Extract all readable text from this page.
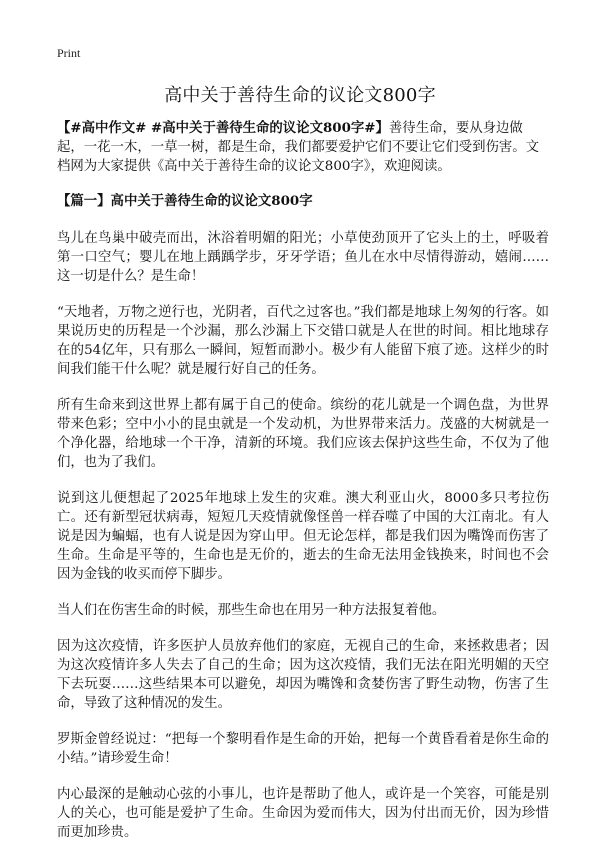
Print
高中关于善待生命的议论文800字

【#高中作文# #高中关于善待生命的议论文800字#】善待生命，要从身边做起，一花一木，一草一树，都是生命，我们都要爱护它们不要让它们受到伤害。文档网为大家提供《高中关于善待生命的议论文800字》，欢迎阅读。

【篇一】高中关于善待生命的议论文800字

鸟儿在鸟巢中破壳而出，沐浴着明媚的阳光；小草使劲顶开了它头上的土，呼吸着第一口空气；婴儿在地上踽踽学步，牙牙学语；鱼儿在水中尽情得游动，嬉闹……这一切是什么？是生命！

“天地者，万物之逆行也，光阴者，百代之过客也。”我们都是地球上匆匆的行客。如果说历史的历程是一个沙漏，那么沙漏上下交错口就是人在世的时间。相比地球存在的54亿年，只有那么一瞬间，短暂而渺小。极少有人能留下痕了迹。这样少的时间我们能干什么呢？就是履行好自己的任务。

所有生命来到这世界上都有属于自己的使命。缤纷的花儿就是一个调色盘，为世界带来色彩；空中小小的昆虫就是一个发动机，为世界带来活力。茂盛的大树就是一个净化器，给地球一个干净，清新的环境。我们应该去保护这些生命，不仅为了他们，也为了我们。

说到这儿便想起了2025年地球上发生的灾难。澳大利亚山火，8000多只考拉伤亡。还有新型冠状病毒，短短几天疫情就像怪兽一样吞噬了中国的大江南北。有人说是因为蝙蝠，也有人说是因为穿山甲。但无论怎样，都是我们因为嘴馋而伤害了生命。生命是平等的，生命也是无价的，逝去的生命无法用金钱换来，时间也不会因为金钱的收买而停下脚步。

当人们在伤害生命的时候，那些生命也在用另一种方法报复着他。

因为这次疫情，许多医护人员放弃他们的家庭，无视自己的生命，来拯救患者；因为这次疫情许多人失去了自己的生命；因为这次疫情，我们无法在阳光明媚的天空下去玩耍……这些结果本可以避免，却因为嘴馋和贪婪伤害了野生动物，伤害了生命，导致了这种情况的发生。

罗斯金曾经说过：“把每一个黎明看作是生命的开始，把每一个黄昏看着是你生命的小结。”请珍爱生命！

内心最深的是触动心弦的小事儿，也许是帮助了他人，或许是一个笑容，可能是别人的关心，也可能是爱护了生命。生命因为爱而伟大，因为付出而无价，因为珍惜而更加珍贵。
